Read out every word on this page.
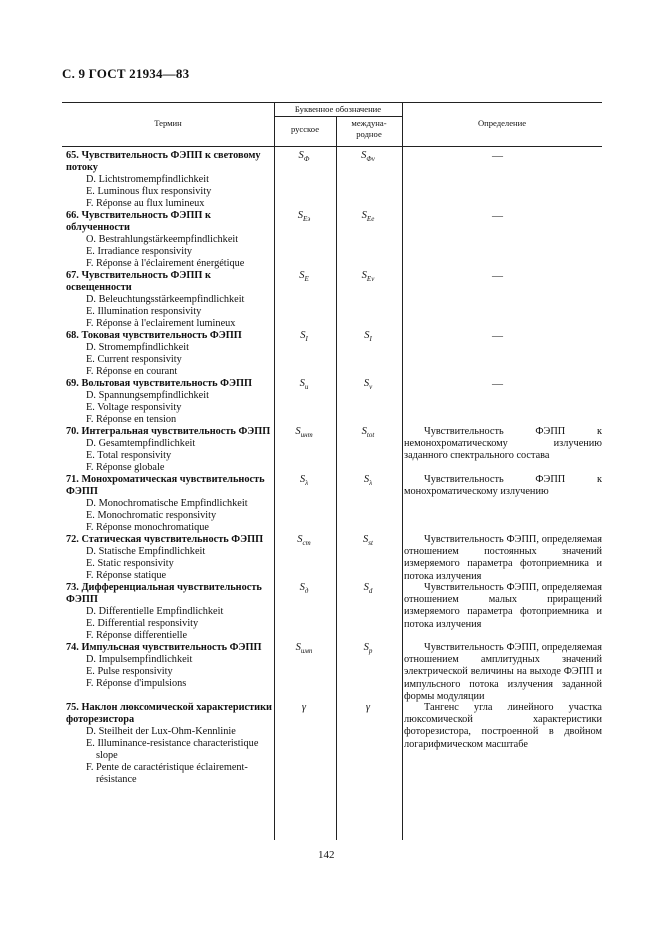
С. 9 ГОСТ 21934—83
Термин
Буквенное обозначение
русское
междуна- родное
Определение
65. Чувствительность ФЭПП к световому потоку
D. Lichtstromempfindlichkeit
E. Luminous flux responsivity
F. Réponse au flux lumineux
$S_Ф$	$S_{\Phi v}$	—
66. Чувствительность ФЭПП к облученности
О. Bestrahlungstärkeempfindlichkeit
E. Irradiance responsivity
F. Réponse à l'éclairement énergétique
$S_{Eэ}$	$S_{Ee}$	—
67. Чувствительность ФЭПП к освещенности
D. Beleuchtungsstärkeempfindlichkeit
E. Illumination responsivity
F. Réponse à l'eclairement lumineux
$S_E$	$S_{Ev}$	—
68. Токовая чувствительность ФЭПП
D. Stromempfindlichkeit
E. Current responsivity
F. Réponse en courant
$S_I$	$S_I$	—
69. Вольтовая чувствительность ФЭПП
D. Spannungsempfindlichkeit
E. Voltage responsivity
F. Réponse en tension
$S_u$	$S_v$	—
70. Интегральная чувствительность ФЭПП
D. Gesamtempfindlichkeit
E. Total responsivity
F. Réponse globale
$S_{инт}$	$S_{tot}$	Чувствительность ФЭПП к немонохроматическому излучению заданного спектрального состава
71. Монохроматическая чувствительность ФЭПП
D. Monochromatische Empfindlichkeit
E. Monochromatic responsivity
F. Réponse monochromatique
$S_\lambda$	$S_\lambda$	Чувствительность ФЭПП к монохроматическому излучению
72. Статическая чувствительность ФЭПП
D. Statische Empfindlichkeit
E. Static responsivity
F. Réponse statique
$S_{ст}$	$S_{st}$	Чувствительность ФЭПП, определяемая отношением постоянных значений измеряемого параметра фотоприемника и потока излучения
73. Дифференциальная чувствительность ФЭПП
D. Differentielle Empfindlichkeit
E. Differential responsivity
F. Réponse differentielle
$S_д$	$S_d$	Чувствительность ФЭПП, определяемая отношением малых приращений измеряемого параметра фотоприемника и потока излучения
74. Импульсная чувствительность ФЭПП
D. Impulsempfindlichkeit
E. Pulse responsivity
F. Réponse d'impulsions
$S_{имп}$	$S_p$	Чувствительность ФЭПП, определяемая отношением амплитудных значений электрической величины на выходе ФЭПП и импульсного потока излучения заданной формы модуляции
75. Наклон люксомической характеристики фоторезистора
D. Steilheit der Lux-Ohm-Kennlinie
E. Illuminance-resistance characteristique slope
F. Pente de caractéristique éclairement-résistance
γ	γ	Тангенс угла линейного участка люксомической характеристики фоторезистора, построенной в двойном логарифмическом масштабе
142
